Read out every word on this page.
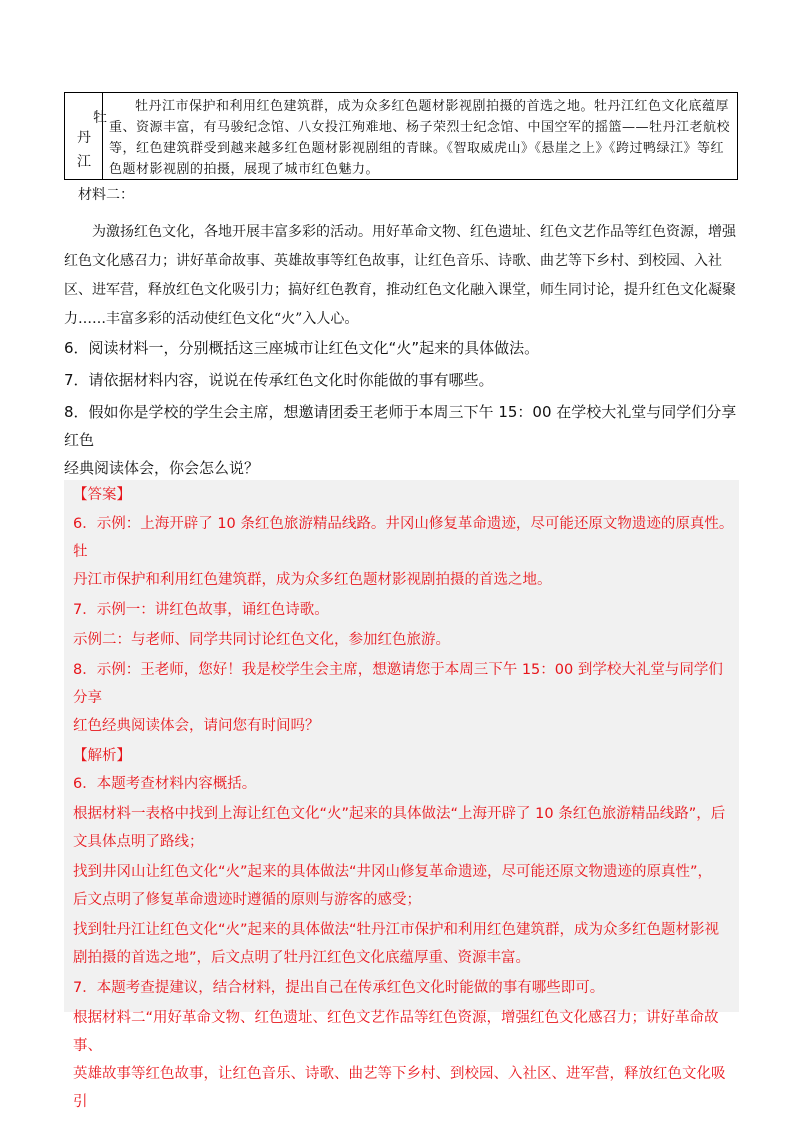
丹
江
牡
牡丹江市保护和利用红色建筑群，成为众多红色题材影视剧拍摄的首选之地。牡丹江红色文化底蕴厚重、资源丰富，有马骏纪念馆、八女投江殉难地、杨子荣烈士纪念馆、中国空军的摇篮——牡丹江老航校等，红色建筑群受到越来越多红色题材影视剧组的青睐。《智取威虎山》《悬崖之上》《跨过鸭绿江》等红色题材影视剧的拍摄，展现了城市红色魅力。
材料二：

为激扬红色文化，各地开展丰富多彩的活动。用好革命文物、红色遗址、红色文艺作品等红色资源，增强红色文化感召力；讲好革命故事、英雄故事等红色故事，让红色音乐、诗歌、曲艺等下乡村、到校园、入社区、进军营，释放红色文化吸引力；搞好红色教育，推动红色文化融入课堂，师生同讨论，提升红色文化凝聚力……丰富多彩的活动使红色文化“火”入人心。

6．阅读材料一，分别概括这三座城市让红色文化“火”起来的具体做法。
7．请依据材料内容，说说在传承红色文化时你能做的事有哪些。
8．假如你是学校的学生会主席，想邀请团委王老师于本周三下午 15：00 在学校大礼堂与同学们分享红色
经典阅读体会，你会怎么说？
【答案】
6．示例：上海开辟了 10 条红色旅游精品线路。井冈山修复革命遗迹，尽可能还原文物遗迹的原真性。牡
丹江市保护和利用红色建筑群，成为众多红色题材影视剧拍摄的首选之地。
7．示例一：讲红色故事，诵红色诗歌。
示例二：与老师、同学共同讨论红色文化，参加红色旅游。
8．示例：王老师，您好！我是校学生会主席，想邀请您于本周三下午 15：00 到学校大礼堂与同学们分享
红色经典阅读体会，请问您有时间吗？
【解析】
6．本题考查材料内容概括。
根据材料一表格中找到上海让红色文化“火”起来的具体做法“上海开辟了 10 条红色旅游精品线路”，后
文具体点明了路线；
找到井冈山让红色文化“火”起来的具体做法“井冈山修复革命遗迹，尽可能还原文物遗迹的原真性”，
后文点明了修复革命遗迹时遵循的原则与游客的感受；
找到牡丹江让红色文化“火”起来的具体做法“牡丹江市保护和利用红色建筑群，成为众多红色题材影视
剧拍摄的首选之地”，后文点明了牡丹江红色文化底蕴厚重、资源丰富。
7．本题考查提建议，结合材料，提出自己在传承红色文化时能做的事有哪些即可。
根据材料二“用好革命文物、红色遗址、红色文艺作品等红色资源，增强红色文化感召力；讲好革命故事、
英雄故事等红色故事，让红色音乐、诗歌、曲艺等下乡村、到校园、入社区、进军营，释放红色文化吸引
